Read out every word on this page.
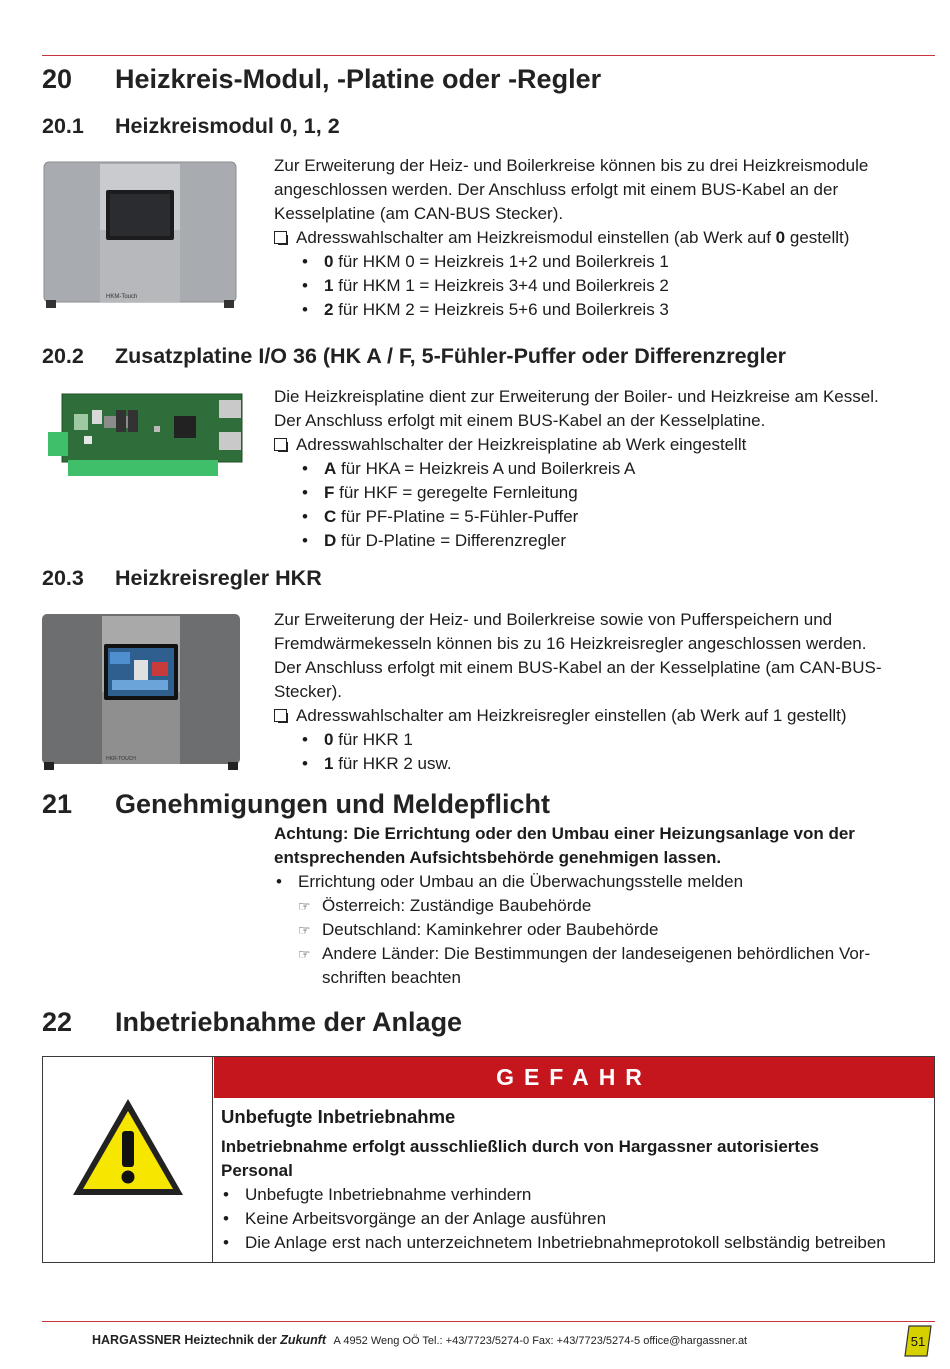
20 Heizkreis-Modul, -Platine oder -Regler
20.1 Heizkreismodul 0, 1, 2
HKM-Touch
Zur Erweiterung der Heiz- und Boilerkreise können bis zu drei Heizkreismodule
angeschlossen werden. Der Anschluss erfolgt mit einem BUS-Kabel an der
Kesselplatine (am CAN-BUS Stecker).
Adresswahlschalter am Heizkreismodul einstellen (ab Werk auf 0 gestellt)
• 0 für HKM 0 = Heizkreis 1+2 und Boilerkreis 1
• 1 für HKM 1 = Heizkreis 3+4 und Boilerkreis 2
• 2 für HKM 2 = Heizkreis 5+6 und Boilerkreis 3
20.2 Zusatzplatine I/O 36 (HK A / F, 5-Fühler-Puffer oder Differenzregler
Die Heizkreisplatine dient zur Erweiterung der Boiler- und Heizkreise am Kessel.
Der Anschluss erfolgt mit einem BUS-Kabel an der Kesselplatine.
Adresswahlschalter der Heizkreisplatine ab Werk eingestellt
• A für HKA = Heizkreis A und Boilerkreis A
• F für HKF = geregelte Fernleitung
• C für PF-Platine = 5-Fühler-Puffer
• D für D-Platine = Differenzregler
20.3 Heizkreisregler HKR
HKR-TOUCH
Zur Erweiterung der Heiz- und Boilerkreise sowie von Pufferspeichern und
Fremdwärmekesseln können bis zu 16 Heizkreisregler angeschlossen werden.
Der Anschluss erfolgt mit einem BUS-Kabel an der Kesselplatine (am CAN-BUS-
Stecker).
Adresswahlschalter am Heizkreisregler einstellen (ab Werk auf 1 gestellt)
• 0 für HKR 1
• 1 für HKR 2 usw.
21 Genehmigungen und Meldepflicht
Achtung: Die Errichtung oder den Umbau einer Heizungsanlage von der
entsprechenden Aufsichtsbehörde genehmigen lassen.
• Errichtung oder Umbau an die Überwachungsstelle melden
☞ Österreich: Zuständige Baubehörde
☞ Deutschland: Kaminkehrer oder Baubehörde
☞ Andere Länder: Die Bestimmungen der landeseigenen behördlichen Vor-
schriften beachten
22 Inbetriebnahme der Anlage
GEFAHR
Unbefugte Inbetriebnahme
Inbetriebnahme erfolgt ausschließlich durch von Hargassner autorisiertes
Personal
• Unbefugte Inbetriebnahme verhindern
• Keine Arbeitsvorgänge an der Anlage ausführen
• Die Anlage erst nach unterzeichnetem Inbetriebnahmeprotokoll selbständig betreiben
HARGASSNER Heiztechnik der Zukunft A 4952 Weng OÖ Tel.: +43/7723/5274-0 Fax: +43/7723/5274-5 office@hargassner.at	51
